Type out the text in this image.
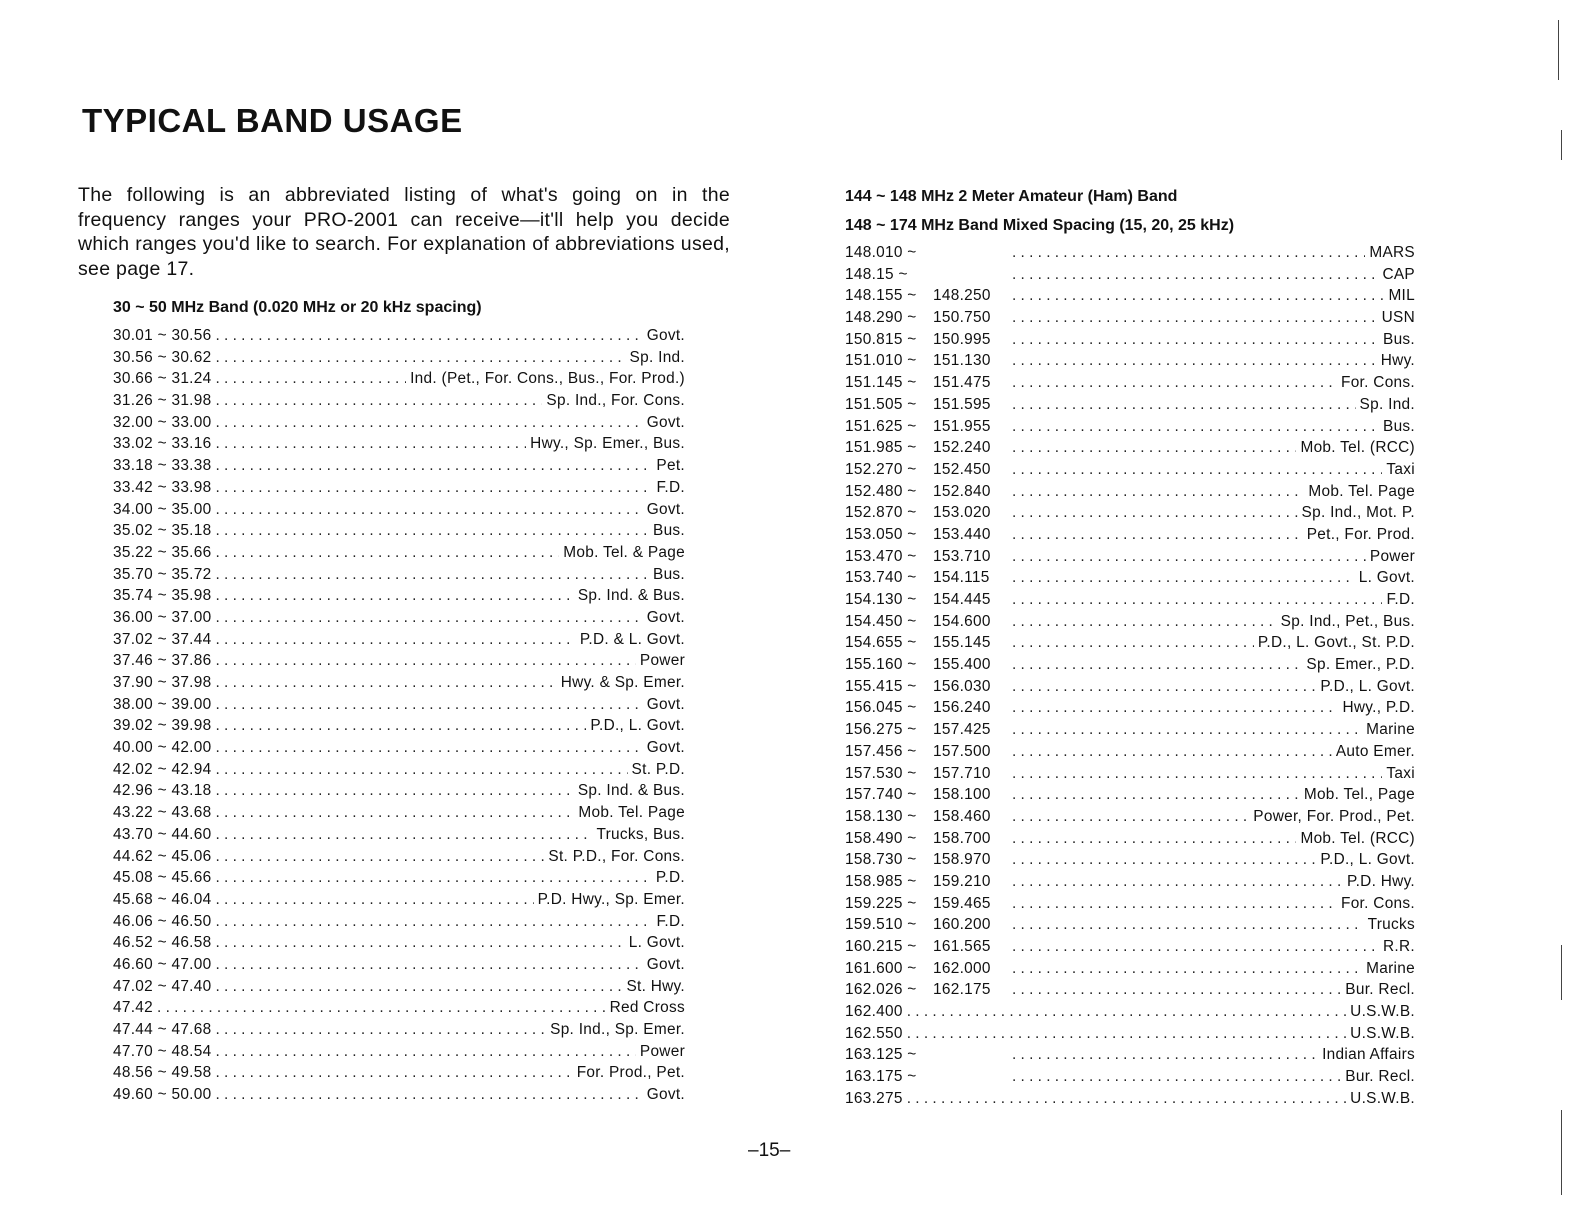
TYPICAL BAND USAGE

The following is an abbreviated listing of what's going on in the frequency ranges your PRO-2001 can receive—it'll help you decide which ranges you'd like to search. For explanation of abbreviations used, see page 17.

30 ~ 50 MHz Band (0.020 MHz or 20 kHz spacing)
30.01 ~ 30.56 . . .	Govt.
30.56 ~ 30.62 . . .	Sp. Ind.
30.66 ~ 31.24 . . .	Ind. (Pet., For. Cons., Bus., For. Prod.)
31.26 ~ 31.98 . . .	Sp. Ind., For. Cons.
32.00 ~ 33.00 . . .	Govt.
33.02 ~ 33.16 . . .	Hwy., Sp. Emer., Bus.
33.18 ~ 33.38 . . .	Pet.
33.42 ~ 33.98 . . .	F.D.
34.00 ~ 35.00 . . .	Govt.
35.02 ~ 35.18 . . .	Bus.
35.22 ~ 35.66 . . .	Mob. Tel. & Page
35.70 ~ 35.72 . . .	Bus.
35.74 ~ 35.98 . . .	Sp. Ind. & Bus.
36.00 ~ 37.00 . . .	Govt.
37.02 ~ 37.44 . . .	P.D. & L. Govt.
37.46 ~ 37.86 . . .	Power
37.90 ~ 37.98 . . .	Hwy. & Sp. Emer.
38.00 ~ 39.00 . . .	Govt.
39.02 ~ 39.98 . . .	P.D., L. Govt.
40.00 ~ 42.00 . . .	Govt.
42.02 ~ 42.94 . . .	St. P.D.
42.96 ~ 43.18 . . .	Sp. Ind. & Bus.
43.22 ~ 43.68 . . .	Mob. Tel. Page
43.70 ~ 44.60 . . .	Trucks, Bus.
44.62 ~ 45.06 . . .	St. P.D., For. Cons.
45.08 ~ 45.66 . . .	P.D.
45.68 ~ 46.04 . . .	P.D. Hwy., Sp. Emer.
46.06 ~ 46.50 . . .	F.D.
46.52 ~ 46.58 . . .	L. Govt.
46.60 ~ 47.00 . . .	Govt.
47.02 ~ 47.40 . . .	St. Hwy.
47.42 . . .	Red Cross
47.44 ~ 47.68 . . .	Sp. Ind., Sp. Emer.
47.70 ~ 48.54 . . .	Power
48.56 ~ 49.58 . . .	For. Prod., Pet.
49.60 ~ 50.00 . . .	Govt.
144 ~ 148 MHz 2 Meter Amateur (Ham) Band
148 ~ 174 MHz Band Mixed Spacing (15, 20, 25 kHz)
148.010 ~ . . .	MARS
148.15 ~ . . .	CAP
148.155 ~ 148.250 . . .	MIL
148.290 ~ 150.750 . . .	USN
150.815 ~ 150.995 . . .	Bus.
151.010 ~ 151.130 . . .	Hwy.
151.145 ~ 151.475 . . .	For. Cons.
151.505 ~ 151.595 . . .	Sp. Ind.
151.625 ~ 151.955 . . .	Bus.
151.985 ~ 152.240 . . .	Mob. Tel. (RCC)
152.270 ~ 152.450 . . .	Taxi
152.480 ~ 152.840 . . .	Mob. Tel. Page
152.870 ~ 153.020 . . .	Sp. Ind., Mot. P.
153.050 ~ 153.440 . . .	Pet., For. Prod.
153.470 ~ 153.710 . . .	Power
153.740 ~ 154.115 . . .	L. Govt.
154.130 ~ 154.445 . . .	F.D.
154.450 ~ 154.600 . . .	Sp. Ind., Pet., Bus.
154.655 ~ 155.145 . . .	P.D., L. Govt., St. P.D.
155.160 ~ 155.400 . . .	Sp. Emer., P.D.
155.415 ~ 156.030 . . .	P.D., L. Govt.
156.045 ~ 156.240 . . .	Hwy., P.D.
156.275 ~ 157.425 . . .	Marine
157.456 ~ 157.500 . . .	Auto Emer.
157.530 ~ 157.710 . . .	Taxi
157.740 ~ 158.100 . . .	Mob. Tel., Page
158.130 ~ 158.460 . . .	Power, For. Prod., Pet.
158.490 ~ 158.700 . . .	Mob. Tel. (RCC)
158.730 ~ 158.970 . . .	P.D., L. Govt.
158.985 ~ 159.210 . . .	P.D. Hwy.
159.225 ~ 159.465 . . .	For. Cons.
159.510 ~ 160.200 . . .	Trucks
160.215 ~ 161.565 . . .	R.R.
161.600 ~ 162.000 . . .	Marine
162.026 ~ 162.175 . . .	Bur. Recl.
162.400 . . .	U.S.W.B.
162.550 . . .	U.S.W.B.
163.125 ~ . . .	Indian Affairs
163.175 ~ . . .	Bur. Recl.
163.275 . . .	U.S.W.B.
–15–
